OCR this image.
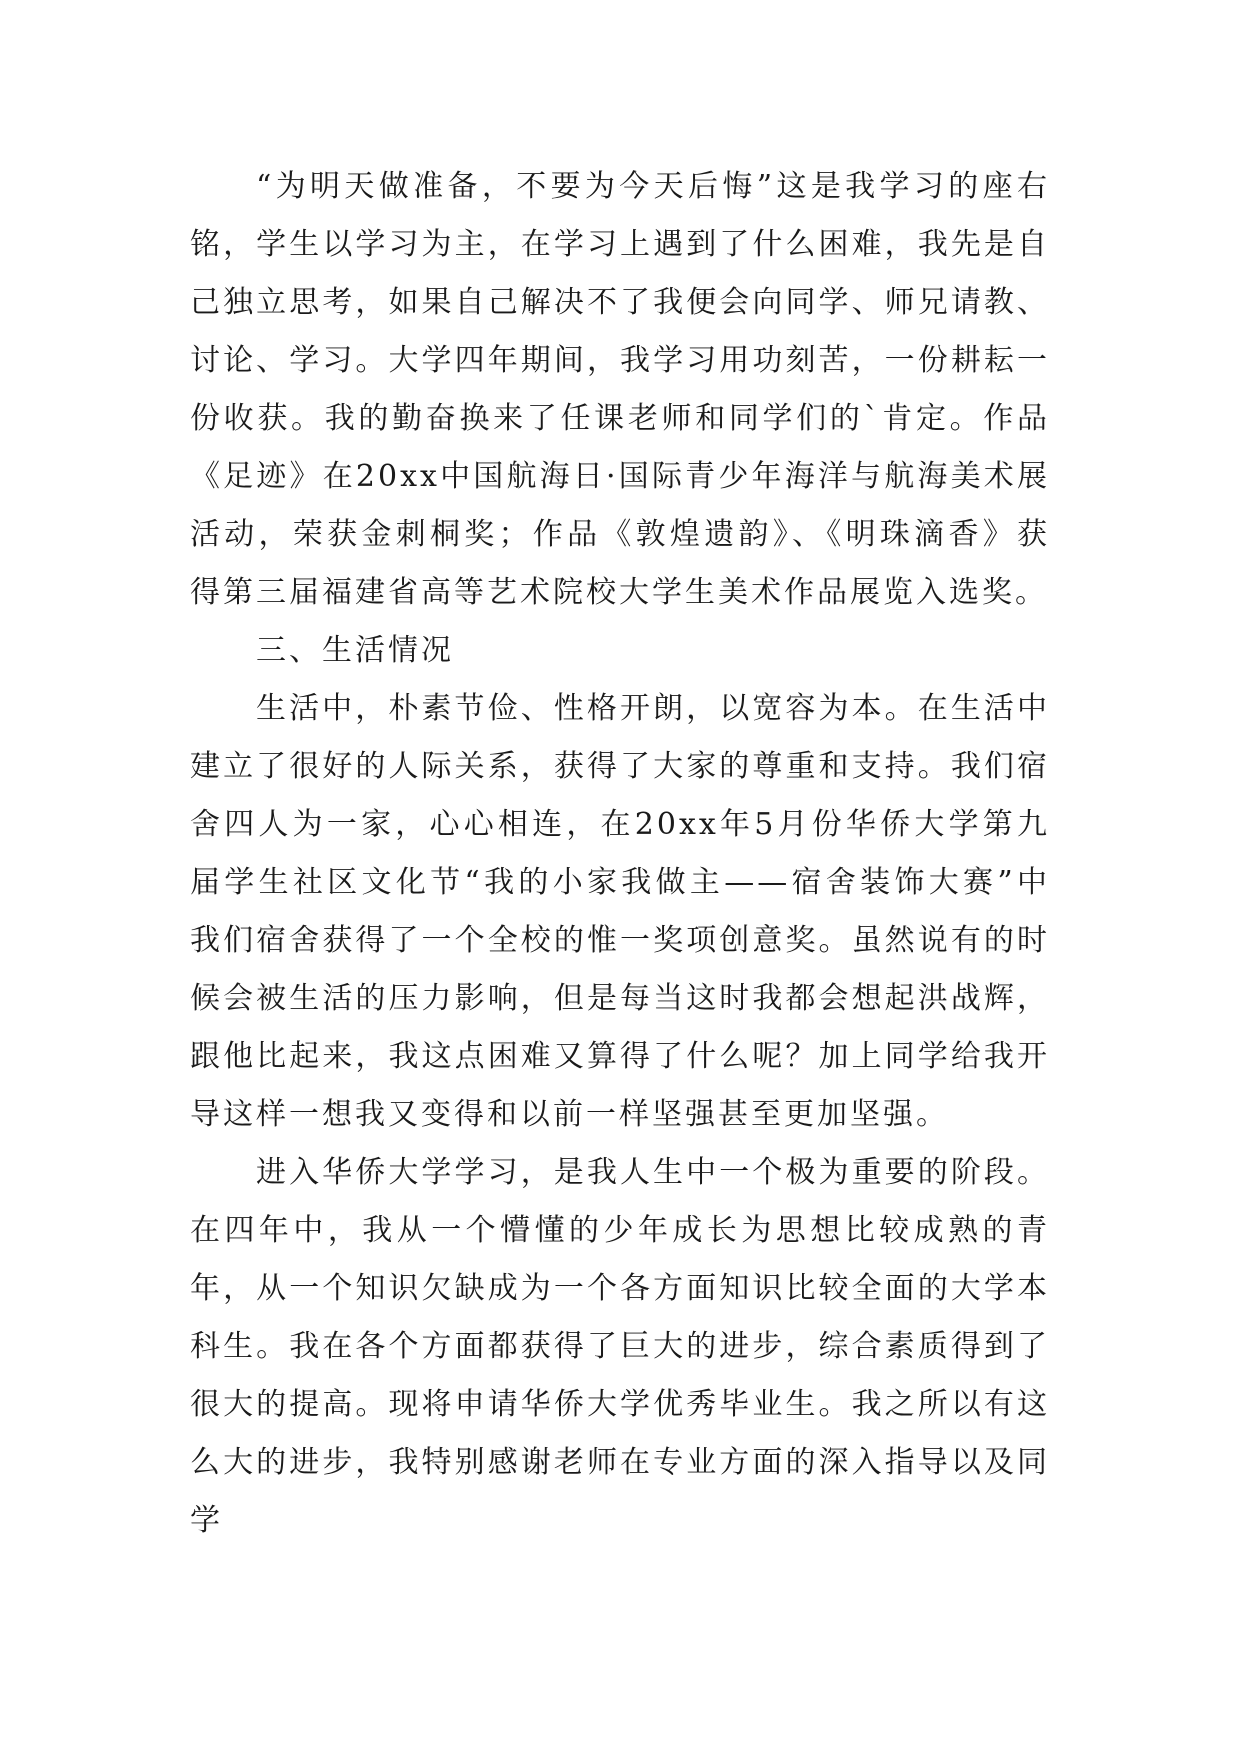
“为明天做准备，不要为今天后悔”这是我学习的座右铭，学生以学习为主，在学习上遇到了什么困难，我先是自己独立思考，如果自己解决不了我便会向同学、师兄请教、讨论、学习。大学四年期间，我学习用功刻苦，一份耕耘一份收获。我的勤奋换来了任课老师和同学们的`肯定。作品《足迹》在20xx中国航海日·国际青少年海洋与航海美术展活动，荣获金刺桐奖；作品《敦煌遗韵》、《明珠滴香》获得第三届福建省高等艺术院校大学生美术作品展览入选奖。

三、生活情况

生活中，朴素节俭、性格开朗，以宽容为本。在生活中建立了很好的人际关系，获得了大家的尊重和支持。我们宿舍四人为一家，心心相连，在20xx年5月份华侨大学第九届学生社区文化节“我的小家我做主——宿舍装饰大赛”中我们宿舍获得了一个全校的惟一奖项创意奖。虽然说有的时候会被生活的压力影响，但是每当这时我都会想起洪战辉，跟他比起来，我这点困难又算得了什么呢？加上同学给我开导这样一想我又变得和以前一样坚强甚至更加坚强。

进入华侨大学学习，是我人生中一个极为重要的阶段。在四年中，我从一个懵懂的少年成长为思想比较成熟的青年，从一个知识欠缺成为一个各方面知识比较全面的大学本科生。我在各个方面都获得了巨大的进步，综合素质得到了很大的提高。现将申请华侨大学优秀毕业生。我之所以有这么大的进步，我特别感谢老师在专业方面的深入指导以及同学
